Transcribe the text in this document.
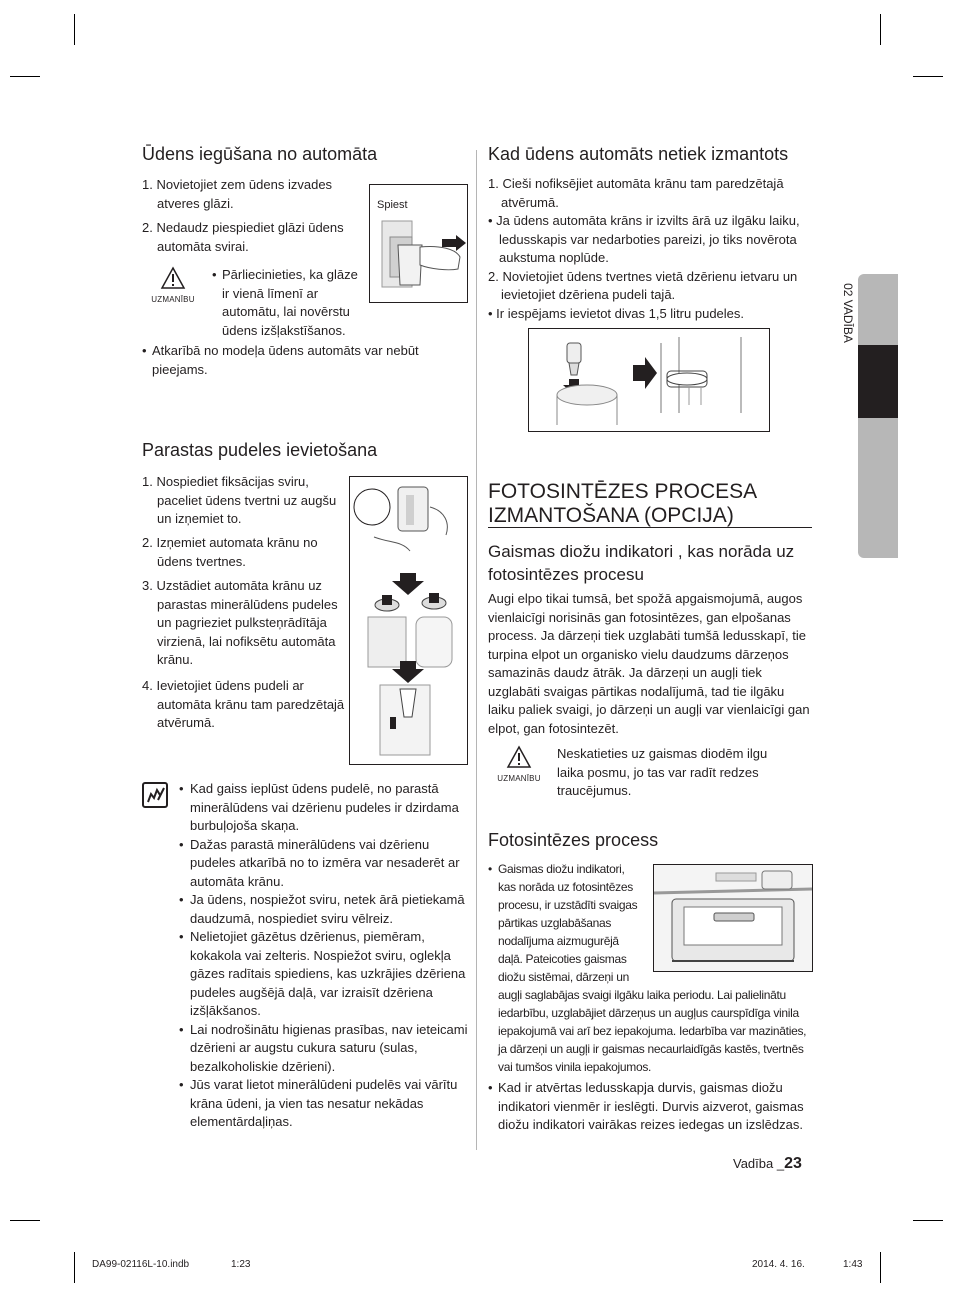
02 VADĪBA
Ūdens iegūšana no automāta
1. Novietojiet zem ūdens izvades atveres glāzi.
2. Nedaudz piespiediet glāzi ūdens automāta svirai.
Spiest
UZMANĪBU
• Pārliecinieties, ka glāze ir vienā līmenī ar automātu, lai novērstu ūdens izšļakstīšanos.
• Atkarībā no modeļa ūdens automāts var nebūt pieejams.
Parastas pudeles ievietošana
1. Nospiediet fiksācijas sviru, paceliet ūdens tvertni uz augšu un izņemiet to.
2. Izņemiet automata krānu no ūdens tvertnes.
3. Uzstādiet automāta krānu uz parastas minerālūdens pudeles un pagrieziet pulksteņrādītāja virzienā, lai nofiksētu automāta krānu.
4. Ievietojiet ūdens pudeli ar automāta krānu tam paredzētajā atvērumā.
• Kad gaiss ieplūst ūdens pudelē, no parastā minerālūdens vai dzērienu pudeles ir dzirdama burbuļojoša skaņa.
• Dažas parastā minerālūdens vai dzērienu pudeles atkarībā no to izmēra var nesaderēt ar automāta krānu.
• Ja ūdens, nospiežot sviru, netek ārā pietiekamā daudzumā, nospiediet sviru vēlreiz.
• Nelietojiet gāzētus dzērienus, piemēram, kokakola vai zelteris. Nospiežot sviru, oglekļa gāzes radītais spiediens, kas uzkrājies dzēriena pudeles augšējā daļā, var izraisīt dzēriena izšļākšanos.
• Lai nodrošinātu higienas prasības, nav ieteicami dzērieni ar augstu cukura saturu (sulas, bezalkoholiskie dzērieni).
• Jūs varat lietot minerālūdeni pudelēs vai vārītu krāna ūdeni, ja vien tas nesatur nekādas elementārdaļiņas.
Kad ūdens automāts netiek izmantots
1. Cieši nofiksējiet automāta krānu tam paredzētajā atvērumā.
• Ja ūdens automāta krāns ir izvilts ārā uz ilgāku laiku, ledusskapis var nedarboties pareizi, jo tiks novērota aukstuma noplūde.
2. Novietojiet ūdens tvertnes vietā dzērienu ietvaru un ievietojiet dzēriena pudeli tajā.
• Ir iespējams ievietot divas 1,5 litru pudeles.
FOTOSINTĒZES PROCESA IZMANTOŠANA (OPCIJA)
Gaismas diožu indikatori , kas norāda uz fotosintēzes procesu
Augi elpo tikai tumsā, bet spožā apgaismojumā, augos vienlaicīgi norisinās gan fotosintēzes, gan elpošanas process. Ja dārzeņi tiek uzglabāti tumšā ledusskapī, tie turpina elpot un organisko vielu daudzums dārzeņos samazinās daudz ātrāk. Ja dārzeņi un augļi tiek uzglabāti svaigas pārtikas nodalījumā, tad tie ilgāku laiku paliek svaigi, jo dārzeņi un augļi var vienlaicīgi gan elpot, gan fotosintezēt.
UZMANĪBU
Neskatieties uz gaismas diodēm ilgu laika posmu, jo tas var radīt redzes traucējumus.
Fotosintēzes process
• Gaismas diožu indikatori, kas norāda uz fotosintēzes procesu, ir uzstādīti svaigas pārtikas uzglabāšanas nodalījuma aizmugurējā daļā. Pateicoties gaismas diožu sistēmai, dārzeņi un augļi saglabājas svaigi ilgāku laika periodu. Lai palielinātu iedarbību, uzglabājiet dārzeņus un augļus caurspīdīga vinila iepakojumā vai arī bez iepakojuma. Iedarbība var mazināties, ja dārzeņi un augļi ir gaismas necaurlaidīgās kastēs, tvertnēs vai tumšos vinila iepakojumos.
• Kad ir atvērtas ledusskapja durvis, gaismas diožu indikatori vienmēr ir ieslēgti. Durvis aizverot, gaismas diožu indikatori vairākas reizes iedegas un izslēdzas.
Vadība _23
DA99-02116L-10.indb	1:23	2014. 4. 16.	1:43
